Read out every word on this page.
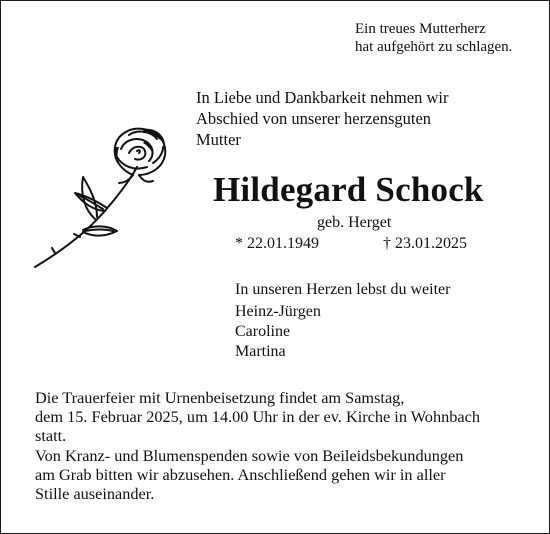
Ein treues Mutterherz
hat aufgehört zu schlagen.
In Liebe und Dankbarkeit nehmen wir
Abschied von unserer herzensguten
Mutter
Hildegard Schock
geb. Herget
* 22.01.1949	† 23.01.2025
In unseren Herzen lebst du weiter
Heinz-Jürgen
Caroline
Martina
Die Trauerfeier mit Urnenbeisetzung findet am Samstag,
dem 15. Februar 2025, um 14.00 Uhr in der ev. Kirche in Wohnbach
statt.
Von Kranz- und Blumenspenden sowie von Beileidsbekundungen
am Grab bitten wir abzusehen. Anschließend gehen wir in aller
Stille auseinander.
